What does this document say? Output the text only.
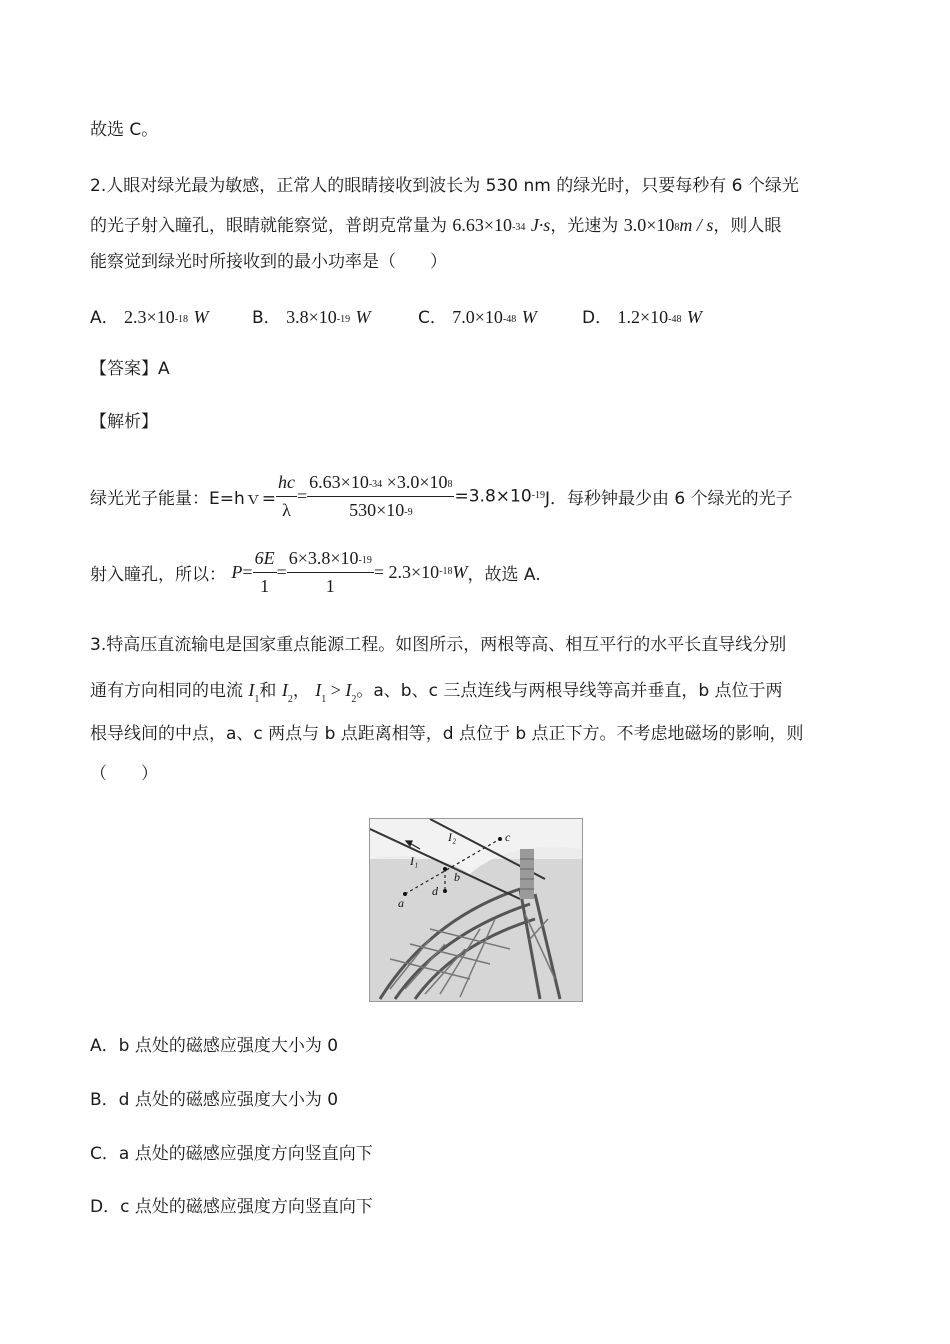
故选 C。
2.人眼对绿光最为敏感，正常人的眼睛接收到波长为 530 nm 的绿光时，只要每秒有 6 个绿光
的光子射入瞳孔，眼睛就能察觉，普朗克常量为 6.63×10-34 J·s，光速为 3.0×108m / s，则人眼
能察觉到绿光时所接收到的最小功率是（　　）
A． 2.3×10-18 W	B． 3.8×10-19 W	C． 7.0×10-48 W	D． 1.2×10-48 W
【答案】A
【解析】
绿光光子能量：E=hｖ= $\frac{hc}{\lambda} = \frac{6.63\times 10-34 \times 3.0\times 108}{530\times 10-9} =3.8\times 10-19J$．每秒钟最少由 6 个绿光的光子
射入瞳孔，所以： $P= \frac{6E}{1} = \frac{6\times 3.8\times 10-19}{1} = 2.3\times 10-18W$，故选 A.
3.特高压直流输电是国家重点能源工程。如图所示，两根等高、相互平行的水平长直导线分别
通有方向相同的电流 $I_1$和 $I_2$， $I_1 > I_2$。a、b、c 三点连线与两根导线等高并垂直，b 点位于两
根导线间的中点，a、c 两点与 b 点距离相等，d 点位于 b 点正下方。不考虑地磁场的影响，则
（　　）
I₂
I₁
a
b
c
d
A．b 点处的磁感应强度大小为 0
B．d 点处的磁感应强度大小为 0
C．a 点处的磁感应强度方向竖直向下
D．c 点处的磁感应强度方向竖直向下
